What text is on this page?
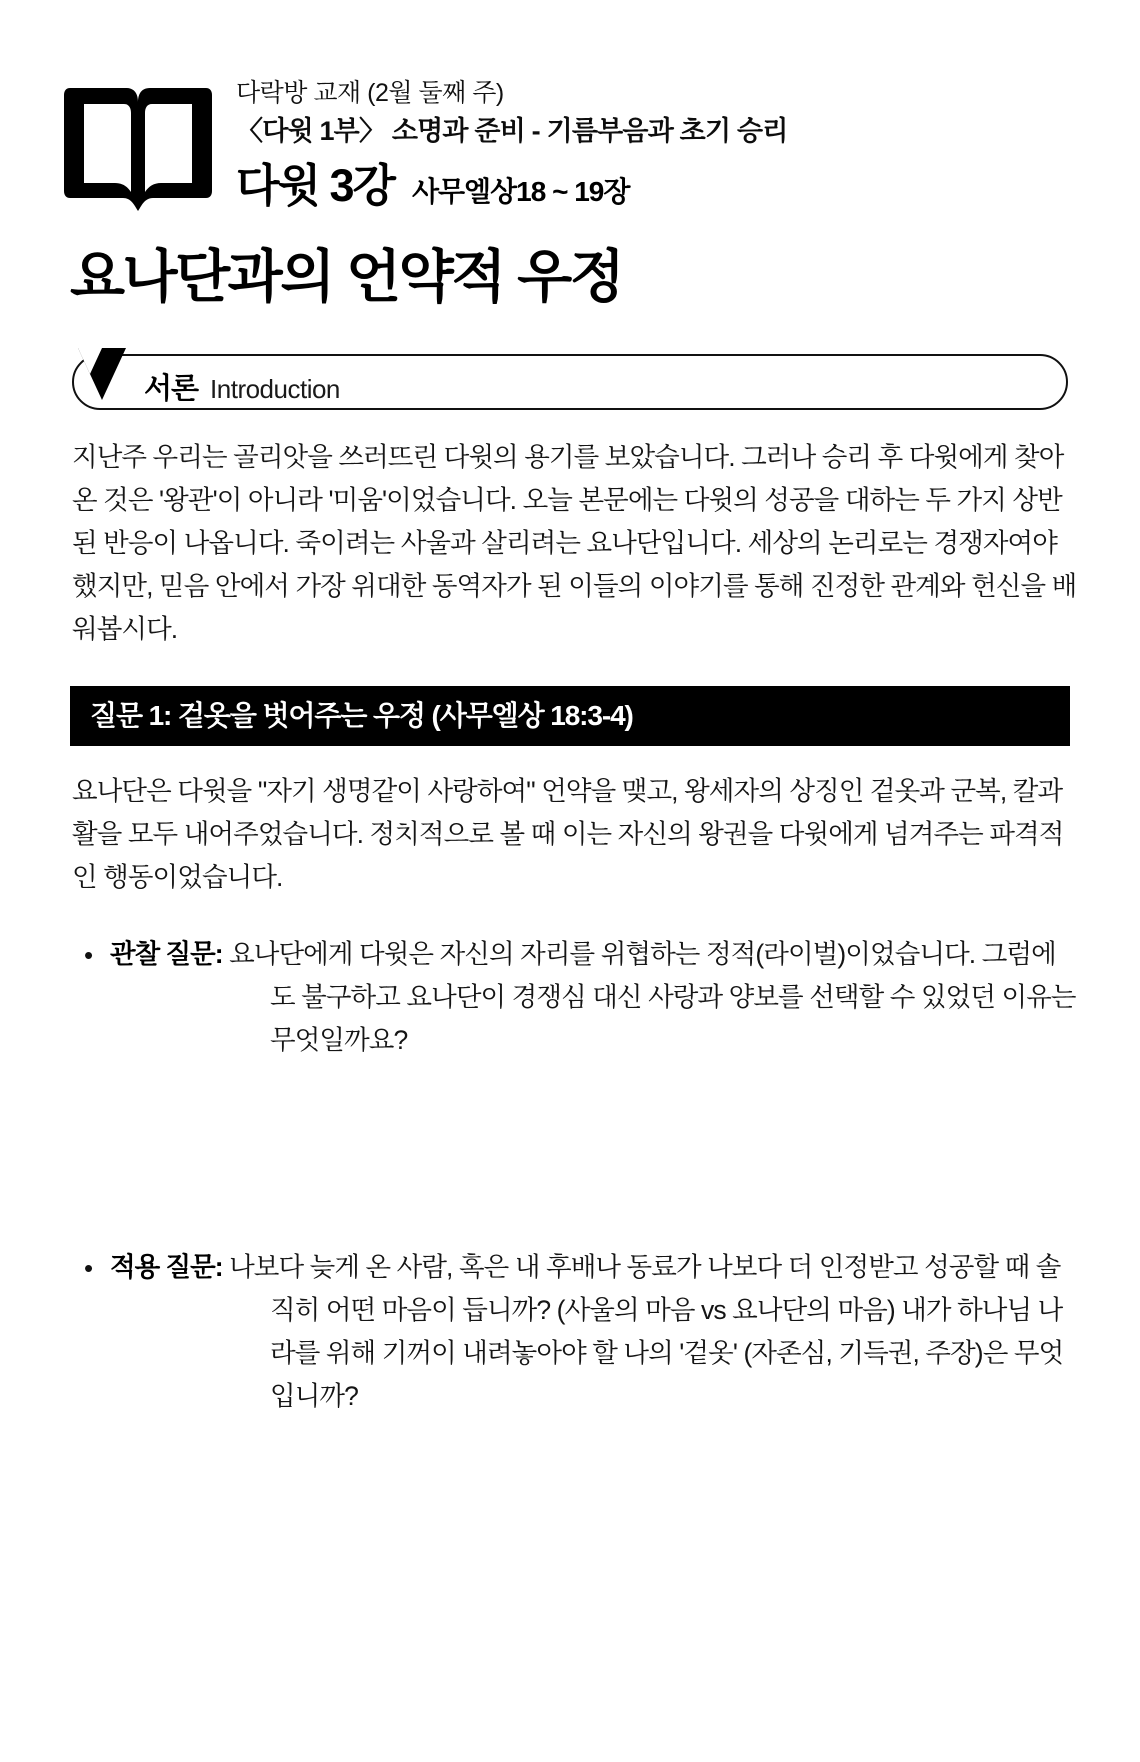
다락방 교재 (2월 둘째 주)
〈다윗 1부〉 소명과 준비 - 기름부음과 초기 승리
다윗 3강 사무엘상18 ~ 19장
요나단과의 언약적 우정
서론 Introduction

지난주 우리는 골리앗을 쓰러뜨린 다윗의 용기를 보았습니다. 그러나 승리 후 다윗에게 찾아온 것은 '왕관'이 아니라 '미움'이었습니다. 오늘 본문에는 다윗의 성공을 대하는 두 가지 상반된 반응이 나옵니다. 죽이려는 사울과 살리려는 요나단입니다. 세상의 논리로는 경쟁자여야 했지만, 믿음 안에서 가장 위대한 동역자가 된 이들의 이야기를 통해 진정한 관계와 헌신을 배워봅시다.

질문 1: 겉옷을 벗어주는 우정 (사무엘상 18:3-4)

요나단은 다윗을 "자기 생명같이 사랑하여" 언약을 맺고, 왕세자의 상징인 겉옷과 군복, 칼과 활을 모두 내어주었습니다. 정치적으로 볼 때 이는 자신의 왕권을 다윗에게 넘겨주는 파격적인 행동이었습니다.

• 관찰 질문: 요나단에게 다윗은 자신의 자리를 위협하는 정적(라이벌)이었습니다. 그럼에도 불구하고 요나단이 경쟁심 대신 사랑과 양보를 선택할 수 있었던 이유는 무엇일까요?
• 적용 질문: 나보다 늦게 온 사람, 혹은 내 후배나 동료가 나보다 더 인정받고 성공할 때 솔직히 어떤 마음이 듭니까? (사울의 마음 vs 요나단의 마음) 내가 하나님 나라를 위해 기꺼이 내려놓아야 할 나의 '겉옷' (자존심, 기득권, 주장)은 무엇입니까?
